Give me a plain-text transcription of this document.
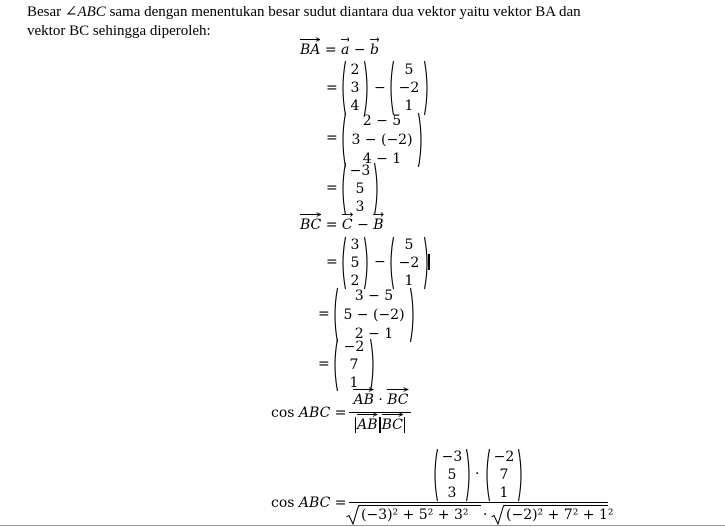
Besar ∠ABC sama dengan menentukan besar sudut diantara dua vektor yaitu vektor BA dan
vektor BC sehingga diperoleh:
BA = a − b
=
2
3
4
−
5
−2
1
=
2 − 5
3 − (−2)
4 − 1
=
−3
5
3
BC = C − B
=
3
5
2
−
5
−2
1
=
3 − 5
5 − (−2)
2 − 1
=
−2
7
1
cos ABC =
AB · BC
AB BC
cos ABC =
−3
5
3
·
−2
7
1
(−3)² + 5² + 3² · (−2)² + 7² + 1²
